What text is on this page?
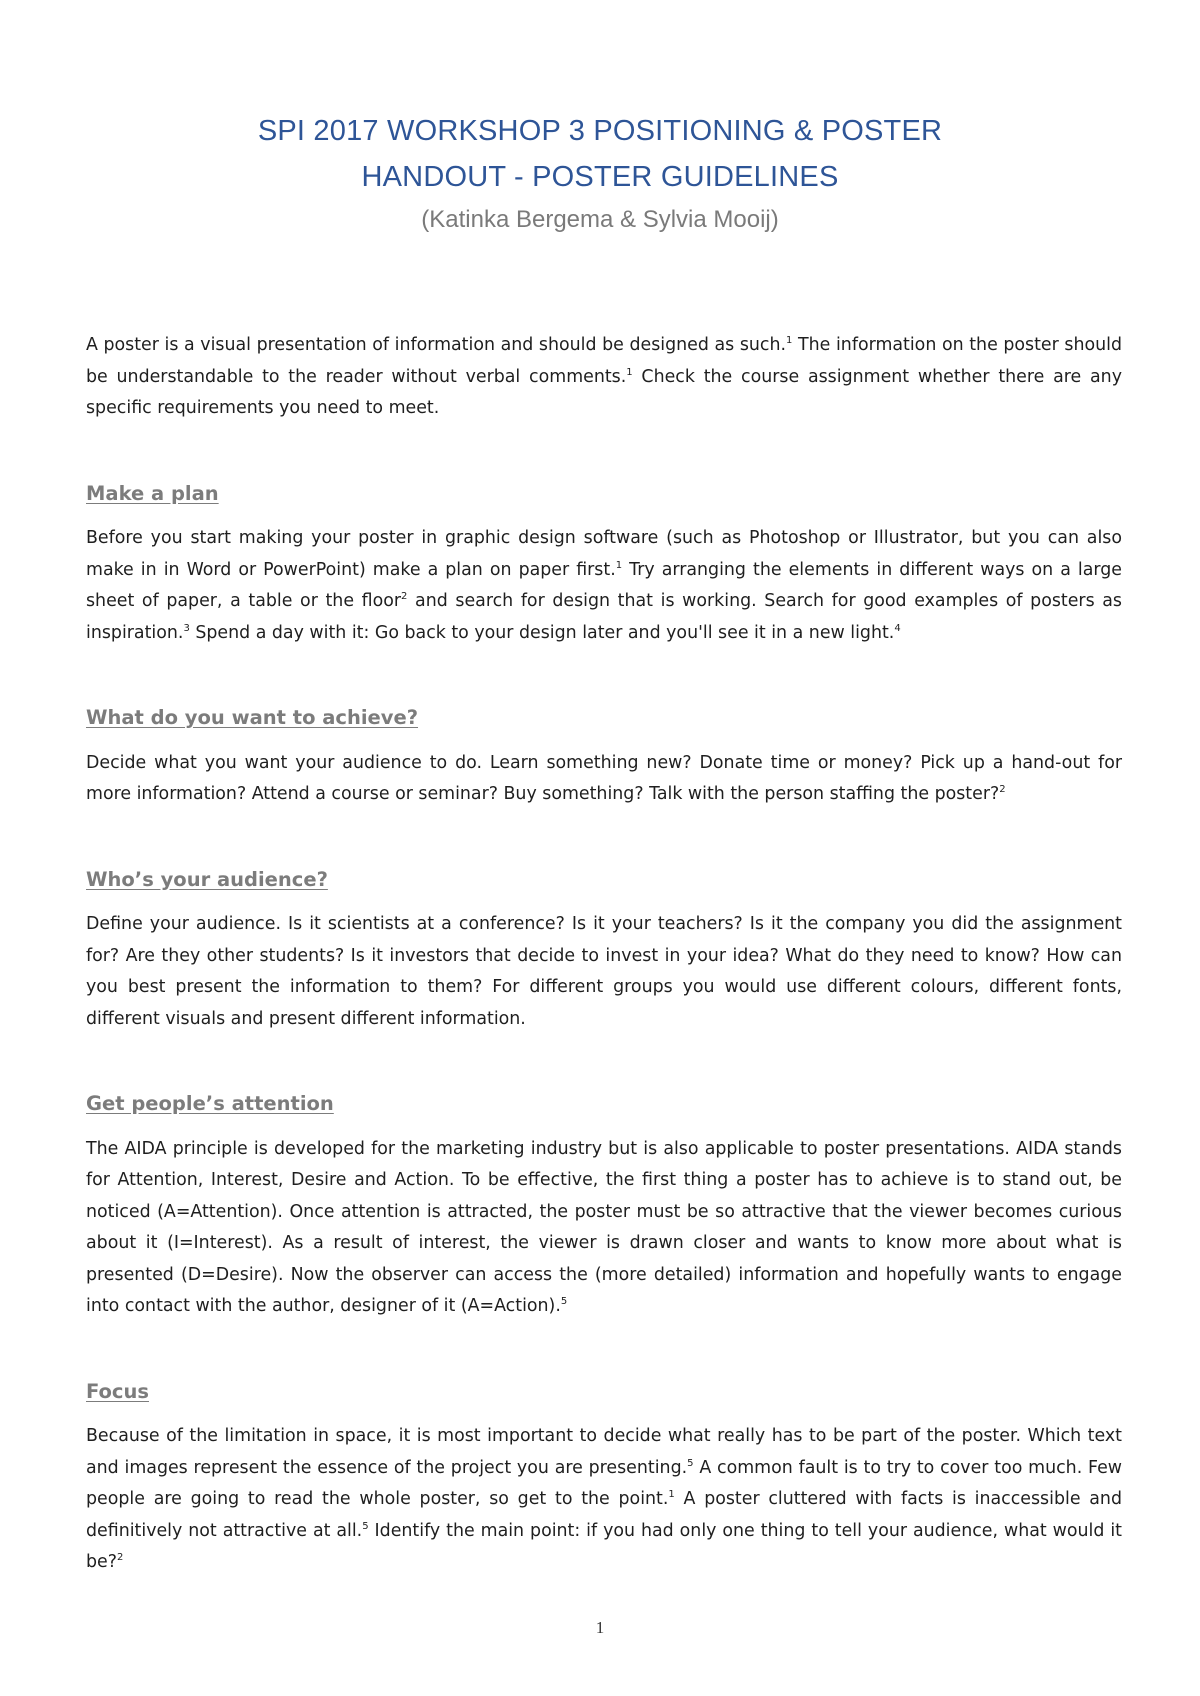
SPI 2017 WORKSHOP 3 POSITIONING & POSTER

HANDOUT - POSTER GUIDELINES

(Katinka Bergema & Sylvia Mooij)

A poster is a visual presentation of information and should be designed as such.$^1$ The information on the poster should be understandable to the reader without verbal comments.$^1$ Check the course assignment whether there are any specific requirements you need to meet.

Make a plan

Before you start making your poster in graphic design software (such as Photoshop or Illustrator, but you can also make in in Word or PowerPoint) make a plan on paper first.$^1$ Try arranging the elements in different ways on a large sheet of paper, a table or the floor$^2$ and search for design that is working. Search for good examples of posters as inspiration.$^3$ Spend a day with it: Go back to your design later and you'll see it in a new light.$^4$

What do you want to achieve?

Decide what you want your audience to do. Learn something new? Donate time or money? Pick up a hand-out for more information? Attend a course or seminar? Buy something? Talk with the person staffing the poster?$^2$

Who’s your audience?

Define your audience. Is it scientists at a conference? Is it your teachers? Is it the company you did the assignment for? Are they other students? Is it investors that decide to invest in your idea? What do they need to know? How can you best present the information to them? For different groups you would use different colours, different fonts, different visuals and present different information.

Get people’s attention

The AIDA principle is developed for the marketing industry but is also applicable to poster presentations. AIDA stands for Attention, Interest, Desire and Action. To be effective, the first thing a poster has to achieve is to stand out, be noticed (A=Attention). Once attention is attracted, the poster must be so attractive that the viewer becomes curious about it (I=Interest). As a result of interest, the viewer is drawn closer and wants to know more about what is presented (D=Desire). Now the observer can access the (more detailed) information and hopefully wants to engage into contact with the author, designer of it (A=Action).$^5$

Focus

Because of the limitation in space, it is most important to decide what really has to be part of the poster. Which text and images represent the essence of the project you are presenting.$^5$ A common fault is to try to cover too much. Few people are going to read the whole poster, so get to the point.$^1$ A poster cluttered with facts is inaccessible and definitively not attractive at all.$^5$ Identify the main point: if you had only one thing to tell your audience, what would it be?$^2$

1
